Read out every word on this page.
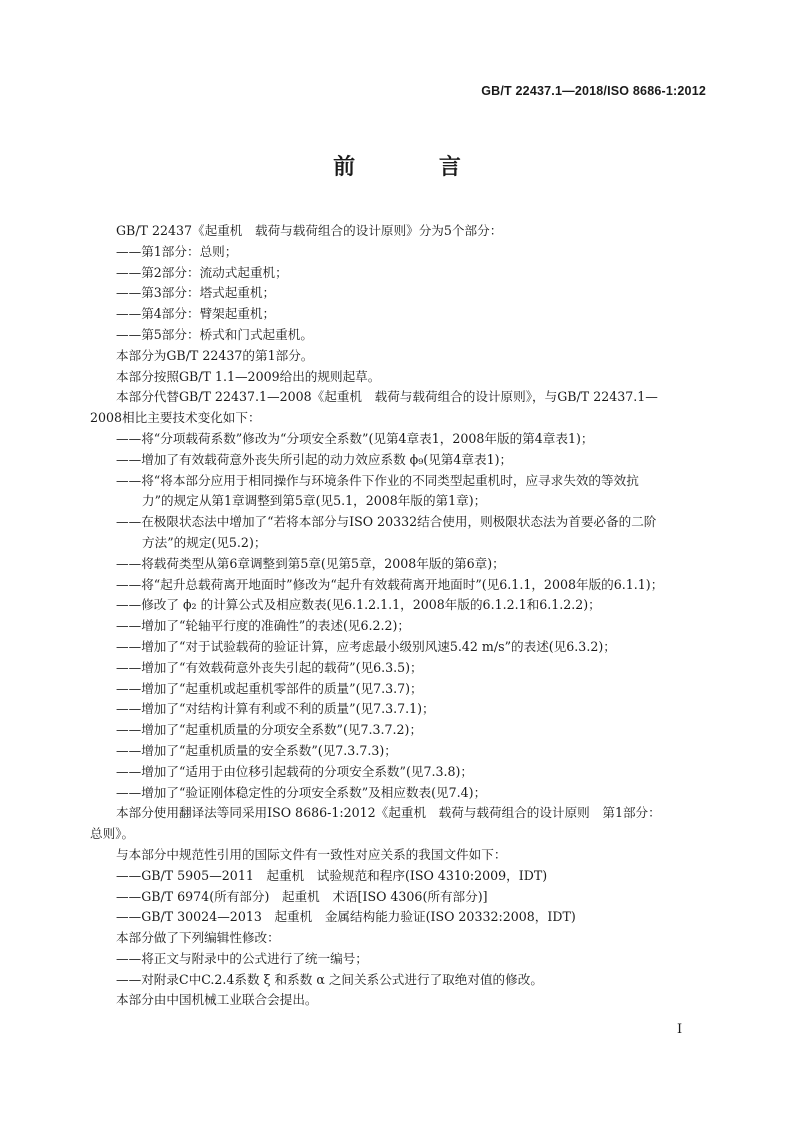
GB/T 22437.1—2018/ISO 8686-1:2012
前 言

GB/T 22437《起重机　载荷与载荷组合的设计原则》分为5个部分：

——第1部分：总则；

——第2部分：流动式起重机；

——第3部分：塔式起重机；

——第4部分：臂架起重机；

——第5部分：桥式和门式起重机。

本部分为GB/T 22437的第1部分。

本部分按照GB/T 1.1—2009给出的规则起草。

本部分代替GB/T 22437.1—2008《起重机　载荷与载荷组合的设计原则》，与GB/T 22437.1—

2008相比主要技术变化如下：

——将“分项载荷系数”修改为“分项安全系数”(见第4章表1，2008年版的第4章表1)；

——增加了有效载荷意外丧失所引起的动力效应系数 ϕ₉(见第4章表1)；

——将“将本部分应用于相同操作与环境条件下作业的不同类型起重机时，应寻求失效的等效抗

力”的规定从第1章调整到第5章(见5.1，2008年版的第1章)；

——在极限状态法中增加了“若将本部分与ISO 20332结合使用，则极限状态法为首要必备的二阶

方法”的规定(见5.2)；

——将载荷类型从第6章调整到第5章(见第5章，2008年版的第6章)；

——将“起升总载荷离开地面时”修改为“起升有效载荷离开地面时”(见6.1.1，2008年版的6.1.1)；

——修改了 ϕ₂ 的计算公式及相应数表(见6.1.2.1.1，2008年版的6.1.2.1和6.1.2.2)；

——增加了“轮轴平行度的准确性”的表述(见6.2.2)；

——增加了“对于试验载荷的验证计算，应考虑最小级别风速5.42 m/s”的表述(见6.3.2)；

——增加了“有效载荷意外丧失引起的载荷”(见6.3.5)；

——增加了“起重机或起重机零部件的质量”(见7.3.7)；

——增加了“对结构计算有利或不利的质量”(见7.3.7.1)；

——增加了“起重机质量的分项安全系数”(见7.3.7.2)；

——增加了“起重机质量的安全系数”(见7.3.7.3)；

——增加了“适用于由位移引起载荷的分项安全系数”(见7.3.8)；

——增加了“验证刚体稳定性的分项安全系数”及相应数表(见7.4)；

本部分使用翻译法等同采用ISO 8686-1:2012《起重机　载荷与载荷组合的设计原则　第1部分：

总则》。

与本部分中规范性引用的国际文件有一致性对应关系的我国文件如下：

——GB/T 5905—2011　起重机　试验规范和程序(ISO 4310:2009，IDT)

——GB/T 6974(所有部分)　起重机　术语[ISO 4306(所有部分)]

——GB/T 30024—2013　起重机　金属结构能力验证(ISO 20332:2008，IDT)

本部分做了下列编辑性修改：

——将正文与附录中的公式进行了统一编号；

——对附录C中C.2.4系数 ξ 和系数 α 之间关系公式进行了取绝对值的修改。

本部分由中国机械工业联合会提出。

I
